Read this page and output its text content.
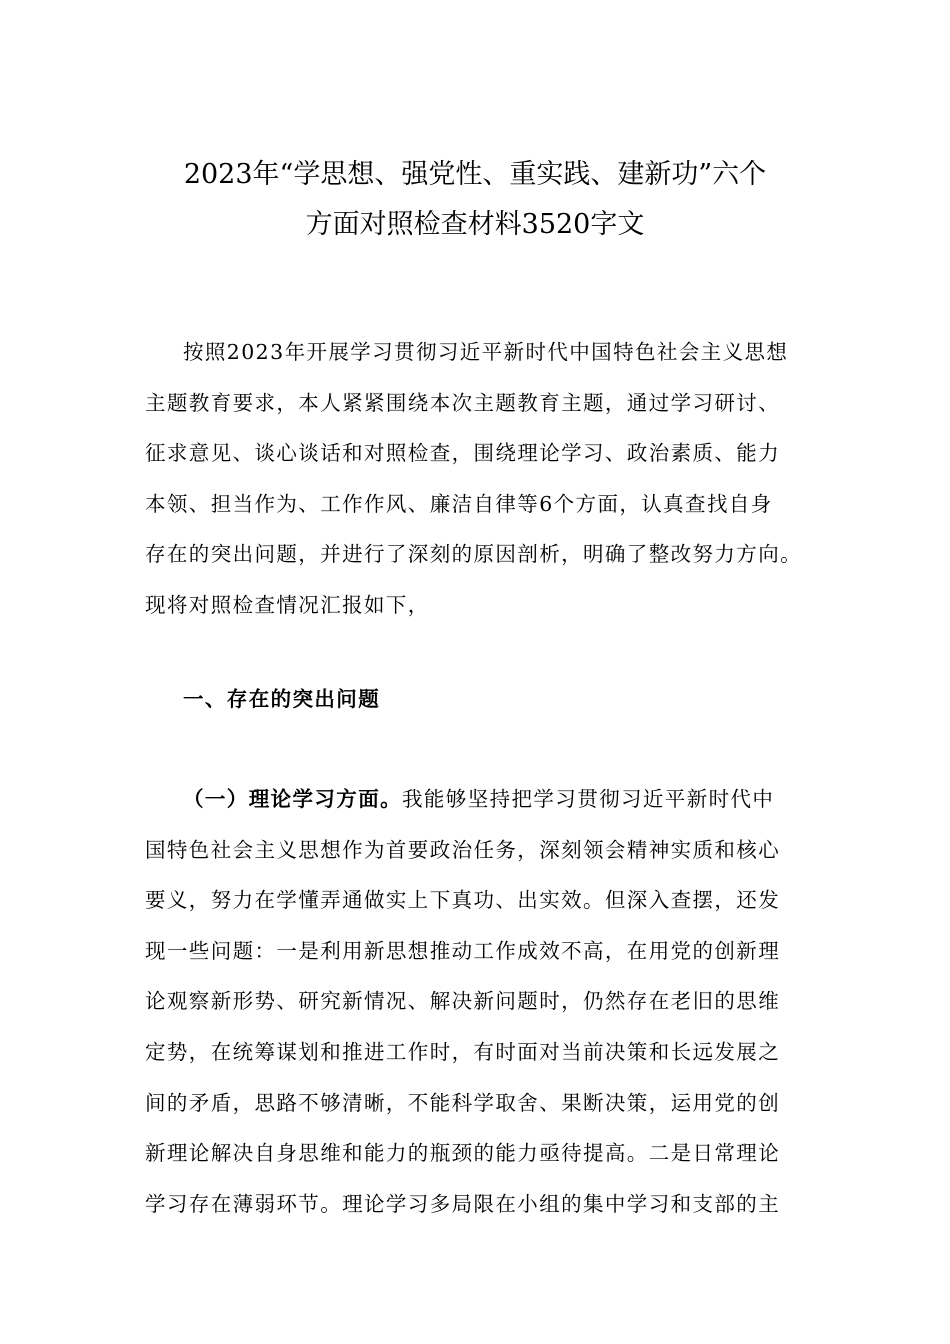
2023年“学思想、强党性、重实践、建新功”六个
方面对照检查材料3520字文
按照2023年开展学习贯彻习近平新时代中国特色社会主义思想
主题教育要求，本人紧紧围绕本次主题教育主题，通过学习研讨、
征求意见、谈心谈话和对照检查，围绕理论学习、政治素质、能力
本领、担当作为、工作作风、廉洁自律等6个方面，认真查找自身
存在的突出问题，并进行了深刻的原因剖析，明确了整改努力方向。
现将对照检查情况汇报如下，
一、存在的突出问题
（一）理论学习方面。我能够坚持把学习贯彻习近平新时代中
国特色社会主义思想作为首要政治任务，深刻领会精神实质和核心
要义，努力在学懂弄通做实上下真功、出实效。但深入查摆，还发
现一些问题：一是利用新思想推动工作成效不高，在用党的创新理
论观察新形势、研究新情况、解决新问题时，仍然存在老旧的思维
定势，在统筹谋划和推进工作时，有时面对当前决策和长远发展之
间的矛盾，思路不够清晰，不能科学取舍、果断决策，运用党的创
新理论解决自身思维和能力的瓶颈的能力亟待提高。二是日常理论
学习存在薄弱环节。理论学习多局限在小组的集中学习和支部的主
